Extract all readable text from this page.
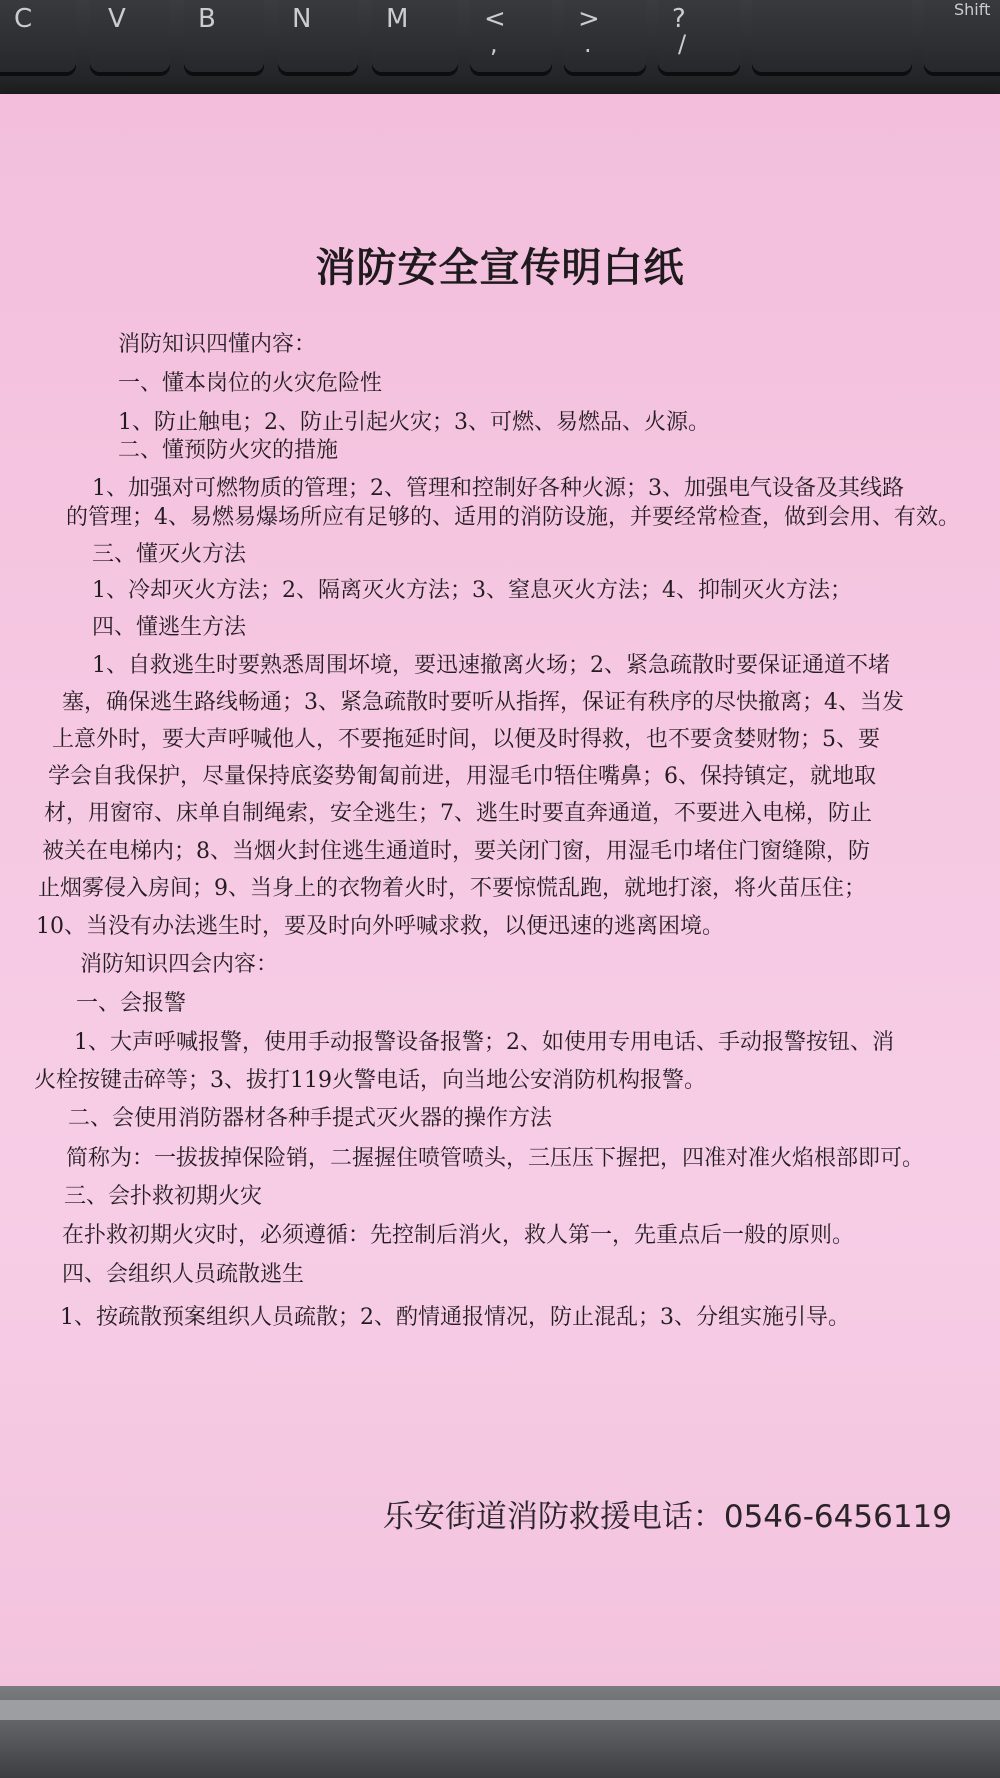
C	V	B	N	M	<
,
>
.
?
/
Shift
消防安全宣传明白纸
消防知识四懂内容：
一、懂本岗位的火灾危险性
1、防止触电；2、防止引起火灾；3、可燃、易燃品、火源。
二、懂预防火灾的措施
1、加强对可燃物质的管理；2、管理和控制好各种火源；3、加强电气设备及其线路
的管理；4、易燃易爆场所应有足够的、适用的消防设施，并要经常检查，做到会用、有效。
三、懂灭火方法
1、冷却灭火方法；2、隔离灭火方法；3、窒息灭火方法；4、抑制灭火方法；
四、懂逃生方法
1、自救逃生时要熟悉周围坏境，要迅速撤离火场；2、紧急疏散时要保证通道不堵
塞，确保逃生路线畅通；3、紧急疏散时要听从指挥，保证有秩序的尽快撤离；4、当发
上意外时，要大声呼喊他人，不要拖延时间，以便及时得救，也不要贪婪财物；5、要
学会自我保护，尽量保持底姿势匍匐前进，用湿毛巾牾住嘴鼻；6、保持镇定，就地取
材，用窗帘、床单自制绳索，安全逃生；7、逃生时要直奔通道，不要进入电梯，防止
被关在电梯内；8、当烟火封住逃生通道时，要关闭门窗，用湿毛巾堵住门窗缝隙，防
止烟雾侵入房间；9、当身上的衣物着火时，不要惊慌乱跑，就地打滚，将火苗压住；
10、当没有办法逃生时，要及时向外呼喊求救，以便迅速的逃离困境。
消防知识四会内容：
一、会报警
1、大声呼喊报警，使用手动报警设备报警；2、如使用专用电话、手动报警按钮、消
火栓按键击碎等；3、拔打119火警电话，向当地公安消防机构报警。
二、会使用消防器材各种手提式灭火器的操作方法
简称为：一拔拔掉保险销，二握握住喷管喷头，三压压下握把，四准对准火焰根部即可。
三、会扑救初期火灾
在扑救初期火灾时，必须遵循：先控制后消火，救人第一，先重点后一般的原则。
四、会组织人员疏散逃生
1、按疏散预案组织人员疏散；2、酌情通报情况，防止混乱；3、分组实施引导。
乐安街道消防救援电话：0546-6456119
